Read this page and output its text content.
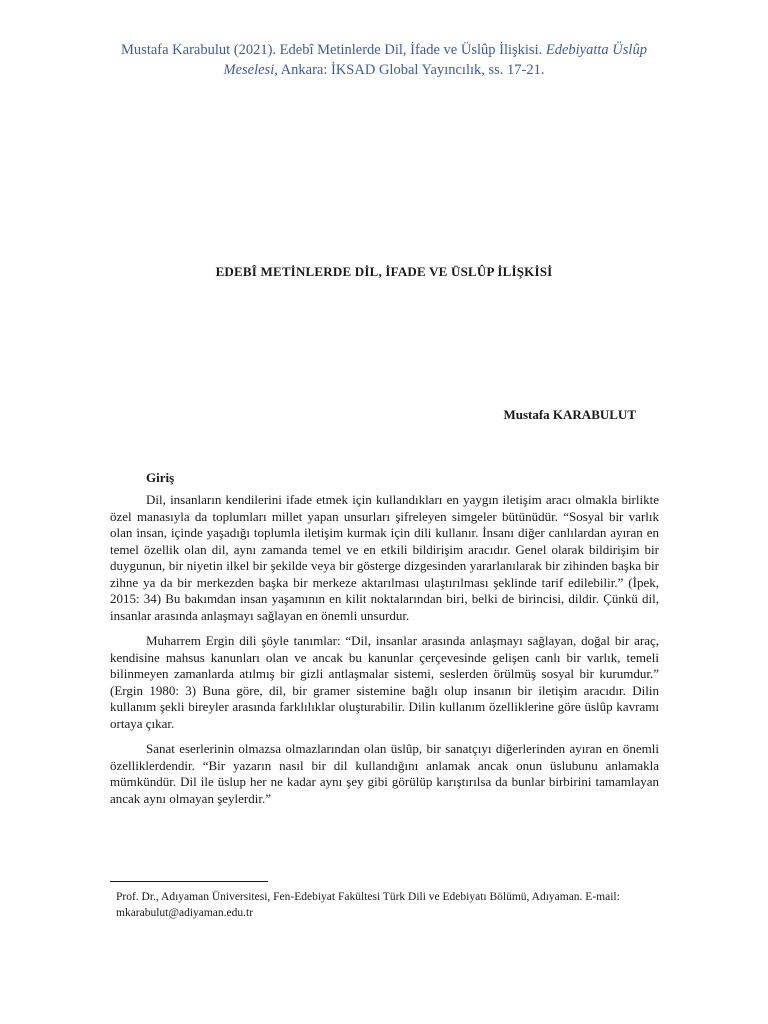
Mustafa Karabulut (2021). Edebî Metinlerde Dil, İfade ve Üslûp İlişkisi. Edebiyatta Üslûp Meselesi, Ankara: İKSAD Global Yayıncılık, ss. 17-21.
EDEBÎ METİNLERDE DİL, İFADE VE ÜSLÛP İLİŞKİSİ
Mustafa KARABULUT
Giriş

Dil, insanların kendilerini ifade etmek için kullandıkları en yaygın iletişim aracı olmakla birlikte özel manasıyla da toplumları millet yapan unsurları şifreleyen simgeler bütünüdür. “Sosyal bir varlık olan insan, içinde yaşadığı toplumla iletişim kurmak için dili kullanır. İnsanı diğer canlılardan ayıran en temel özellik olan dil, aynı zamanda temel ve en etkili bildirişim aracıdır. Genel olarak bildirişim bir duygunun, bir niyetin ilkel bir şekilde veya bir gösterge dizgesinden yararlanılarak bir zihinden başka bir zihne ya da bir merkezden başka bir merkeze aktarılması ulaştırılması şeklinde tarif edilebilir.” (İpek, 2015: 34) Bu bakımdan insan yaşamının en kilit noktalarından biri, belki de birincisi, dildir. Çünkü dil, insanlar arasında anlaşmayı sağlayan en önemli unsurdur.

Muharrem Ergin dili şöyle tanımlar: “Dil, insanlar arasında anlaşmayı sağlayan, doğal bir araç, kendisine mahsus kanunları olan ve ancak bu kanunlar çerçevesinde gelişen canlı bir varlık, temeli bilinmeyen zamanlarda atılmış bir gizli antlaşmalar sistemi, seslerden örülmüş sosyal bir kurumdur.” (Ergin 1980: 3) Buna göre, dil, bir gramer sistemine bağlı olup insanın bir iletişim aracıdır. Dilin kullanım şekli bireyler arasında farklılıklar oluşturabilir. Dilin kullanım özelliklerine göre üslûp kavramı ortaya çıkar.

Sanat eserlerinin olmazsa olmazlarından olan üslûp, bir sanatçıyı diğerlerinden ayıran en önemli özelliklerdendir. “Bir yazarın nasıl bir dil kullandığını anlamak ancak onun üslubunu anlamakla mümkündür. Dil ile üslup her ne kadar aynı şey gibi görülüp karıştırılsa da bunlar birbirini tamamlayan ancak aynı olmayan şeylerdir.”

Prof. Dr., Adıyaman Üniversitesi, Fen-Edebiyat Fakültesi Türk Dili ve Edebiyatı Bölümü, Adıyaman. E-mail: mkarabulut@adiyaman.edu.tr
